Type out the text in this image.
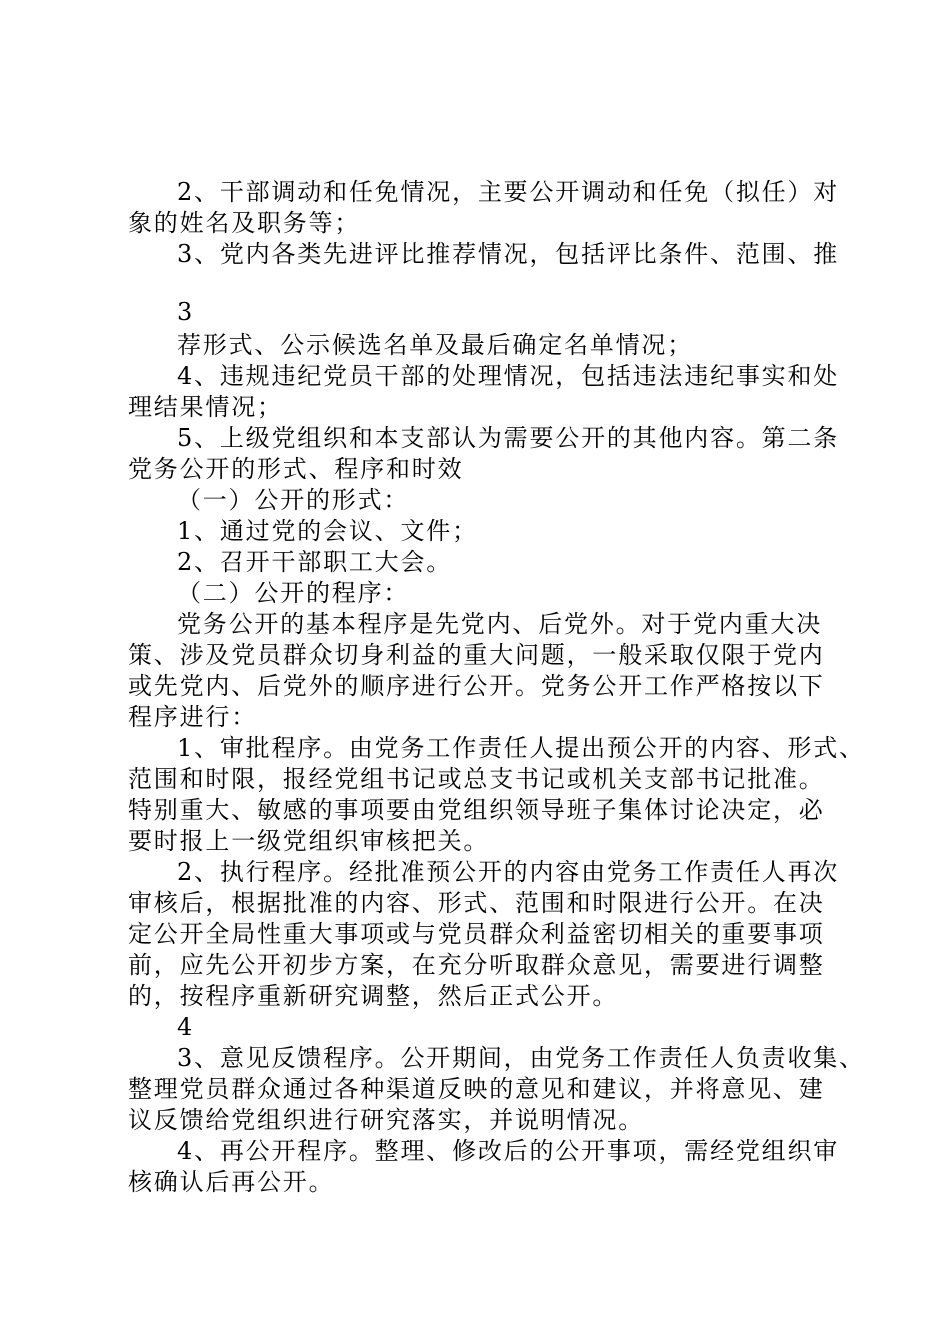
2、干部调动和任免情况，主要公开调动和任免（拟任）对
象的姓名及职务等；
3、党内各类先进评比推荐情况，包括评比条件、范围、推
3
荐形式、公示候选名单及最后确定名单情况；
4、违规违纪党员干部的处理情况，包括违法违纪事实和处
理结果情况；
5、上级党组织和本支部认为需要公开的其他内容。第二条
党务公开的形式、程序和时效
（一）公开的形式：
1、通过党的会议、文件；
2、召开干部职工大会。
（二）公开的程序：
党务公开的基本程序是先党内、后党外。对于党内重大决
策、涉及党员群众切身利益的重大问题，一般采取仅限于党内
或先党内、后党外的顺序进行公开。党务公开工作严格按以下
程序进行：
1、审批程序。由党务工作责任人提出预公开的内容、形式、
范围和时限，报经党组书记或总支书记或机关支部书记批准。
特别重大、敏感的事项要由党组织领导班子集体讨论决定，必
要时报上一级党组织审核把关。
2、执行程序。经批准预公开的内容由党务工作责任人再次
审核后，根据批准的内容、形式、范围和时限进行公开。在决
定公开全局性重大事项或与党员群众利益密切相关的重要事项
前，应先公开初步方案，在充分听取群众意见，需要进行调整
的，按程序重新研究调整，然后正式公开。
4
3、意见反馈程序。公开期间，由党务工作责任人负责收集、
整理党员群众通过各种渠道反映的意见和建议，并将意见、建
议反馈给党组织进行研究落实，并说明情况。
4、再公开程序。整理、修改后的公开事项，需经党组织审
核确认后再公开。
